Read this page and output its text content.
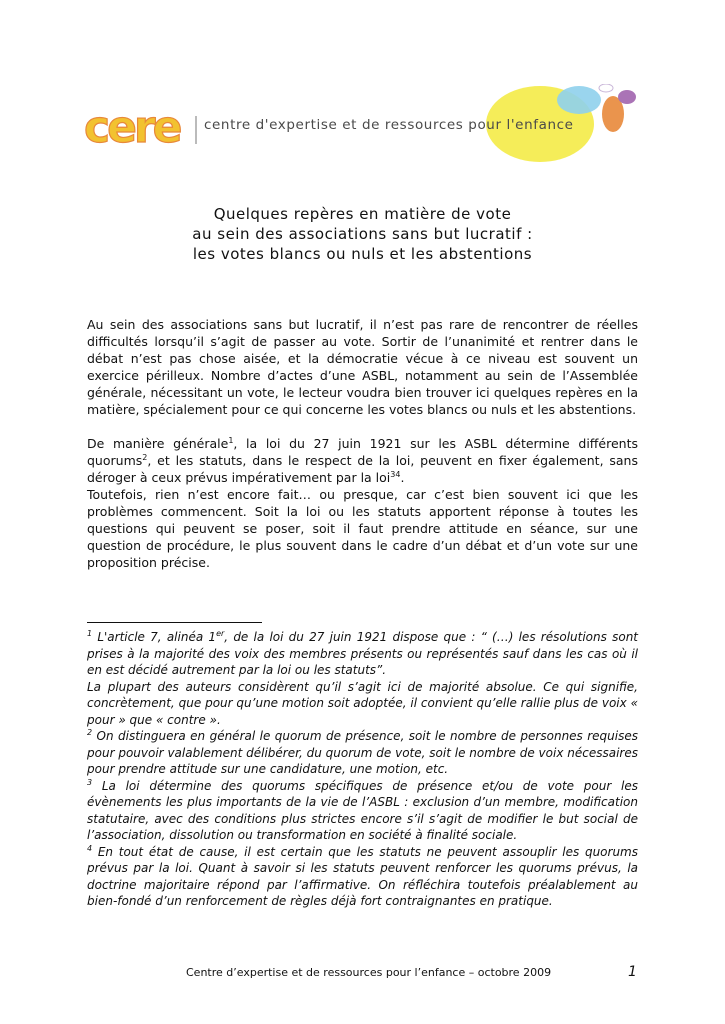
cere centre d'expertise et de ressources pour l'enfance
Quelques repères en matière de vote
au sein des associations sans but lucratif :
les votes blancs ou nuls et les abstentions

Au sein des associations sans but lucratif, il n’est pas rare de rencontrer de réelles difficultés lorsqu’il s’agit de passer au vote. Sortir de l’unanimité et rentrer dans le débat n’est pas chose aisée, et la démocratie vécue à ce niveau est souvent un exercice périlleux. Nombre d’actes d’une ASBL, notamment au sein de l’Assemblée générale, nécessitant un vote, le lecteur voudra bien trouver ici quelques repères en la matière, spécialement pour ce qui concerne les votes blancs ou nuls et les abstentions.

De manière générale$^1$, la loi du 27 juin 1921 sur les ASBL détermine différents quorums$^2$, et les statuts, dans le respect de la loi, peuvent en fixer également, sans déroger à ceux prévus impérativement par la loi$^{34}$.

Toutefois, rien n’est encore fait… ou presque, car c’est bien souvent ici que les problèmes commencent. Soit la loi ou les statuts apportent réponse à toutes les questions qui peuvent se poser, soit il faut prendre attitude en séance, sur une question de procédure, le plus souvent dans le cadre d’un débat et d’un vote sur une proposition précise.

$^1$ L'article 7, alinéa 1er, de la loi du 27 juin 1921 dispose que : “ (…) les résolutions sont prises à la majorité des voix des membres présents ou représentés sauf dans les cas où il en est décidé autrement par la loi ou les statuts”.

La plupart des auteurs considèrent qu’il s’agit ici de majorité absolue. Ce qui signifie, concrètement, que pour qu’une motion soit adoptée, il convient qu’elle rallie plus de voix « pour » que « contre ».

$^2$ On distinguera en général le quorum de présence, soit le nombre de personnes requises pour pouvoir valablement délibérer, du quorum de vote, soit le nombre de voix nécessaires pour prendre attitude sur une candidature, une motion, etc.

$^3$ La loi détermine des quorums spécifiques de présence et/ou de vote pour les évènements les plus importants de la vie de l’ASBL : exclusion d’un membre, modification statutaire, avec des conditions plus strictes encore s’il s’agit de modifier le but social de l’association, dissolution ou transformation en société à finalité sociale.

$^4$ En tout état de cause, il est certain que les statuts ne peuvent assouplir les quorums prévus par la loi. Quant à savoir si les statuts peuvent renforcer les quorums prévus, la doctrine majoritaire répond par l’affirmative. On réfléchira toutefois préalablement au bien-fondé d’un renforcement de règles déjà fort contraignantes en pratique.

Centre d’expertise et de ressources pour l’enfance – octobre 2009	1
